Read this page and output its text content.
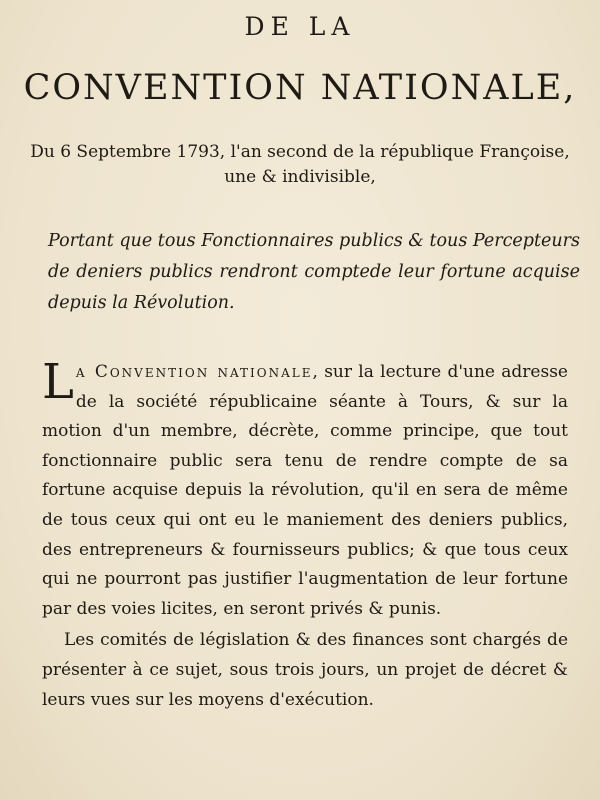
DE LA
CONVENTION NATIONALE,
Du 6 Septembre 1793, l'an second de la république Françoise,
une & indivisible,
Portant que tous Fonctionnaires publics & tous Percepteurs de deniers publics rendront comptede leur fortune acquise depuis la Révolution.

La Convention nationale, sur la lecture d'une adresse de la société républicaine séante à Tours, & sur la motion d'un membre, décrète, comme principe, que tout fonctionnaire public sera tenu de rendre compte de sa fortune acquise depuis la révolution, qu'il en sera de même de tous ceux qui ont eu le maniement des deniers publics, des entrepreneurs & fournisseurs publics; & que tous ceux qui ne pourront pas justifier l'augmentation de leur fortune par des voies licites, en seront privés & punis.

Les comités de législation & des finances sont chargés de présenter à ce sujet, sous trois jours, un projet de décret & leurs vues sur les moyens d'exécution.
